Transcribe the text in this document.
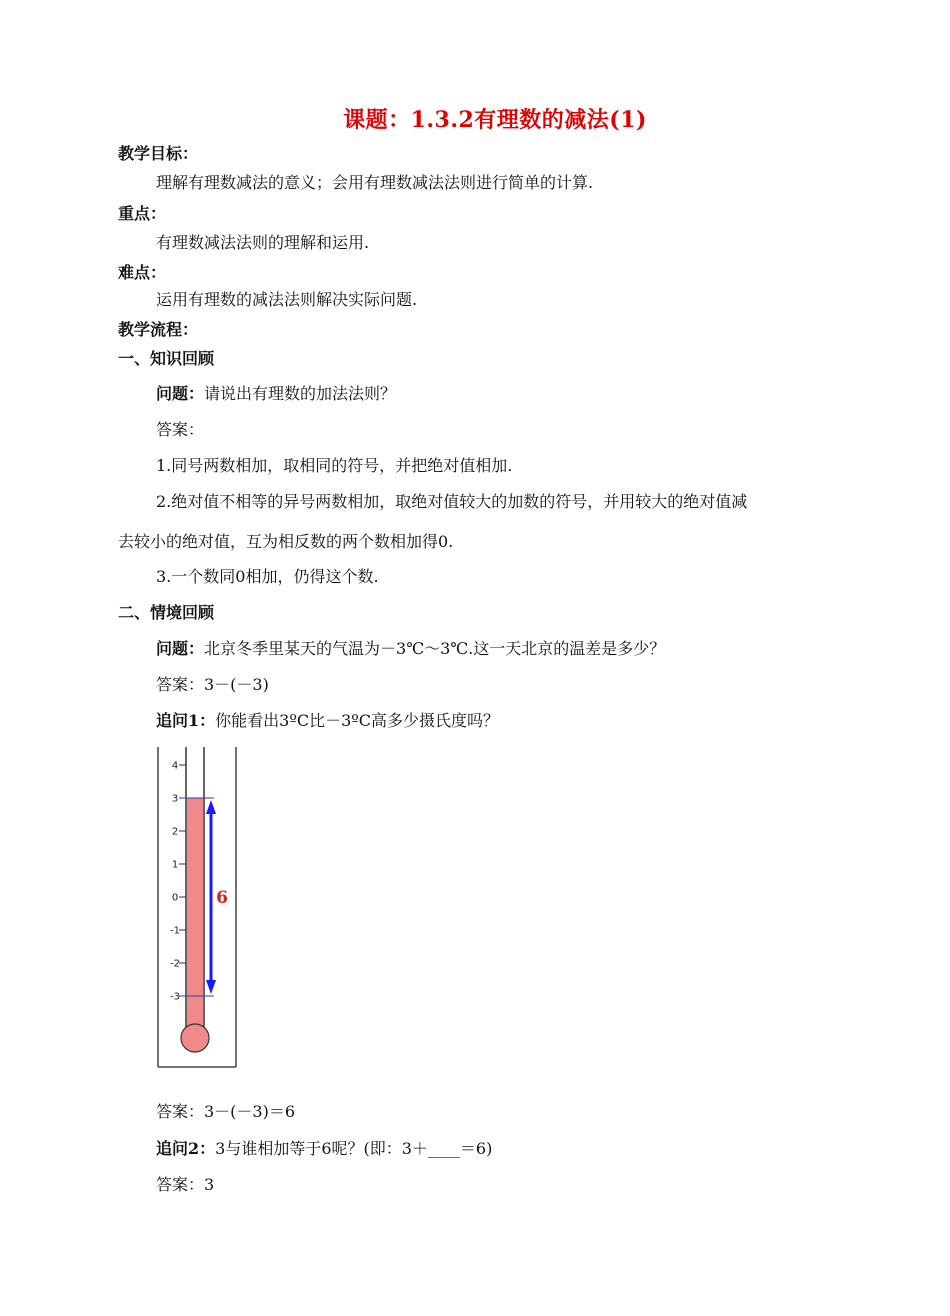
课题：1.3.2有理数的减法(1)
教学目标：
理解有理数减法的意义；会用有理数减法法则进行简单的计算.
重点：
有理数减法法则的理解和运用.
难点：
运用有理数的减法法则解决实际问题.
教学流程：
一、知识回顾
问题：请说出有理数的加法法则？
答案：
1.同号两数相加，取相同的符号，并把绝对值相加.
2.绝对值不相等的异号两数相加，取绝对值较大的加数的符号，并用较大的绝对值减
去较小的绝对值，互为相反数的两个数相加得0.
3.一个数同0相加，仍得这个数.
二、情境回顾
问题：北京冬季里某天的气温为－3℃～3℃.这一天北京的温差是多少？
答案：3－(－3)
追问1：你能看出3ºC比－3ºC高多少摄氏度吗？
4
3
2
1
0
-1
-2
-3
6
答案：3－(－3)＝6
追问2：3与谁相加等于6呢？(即：3＋____＝6)
答案：3
